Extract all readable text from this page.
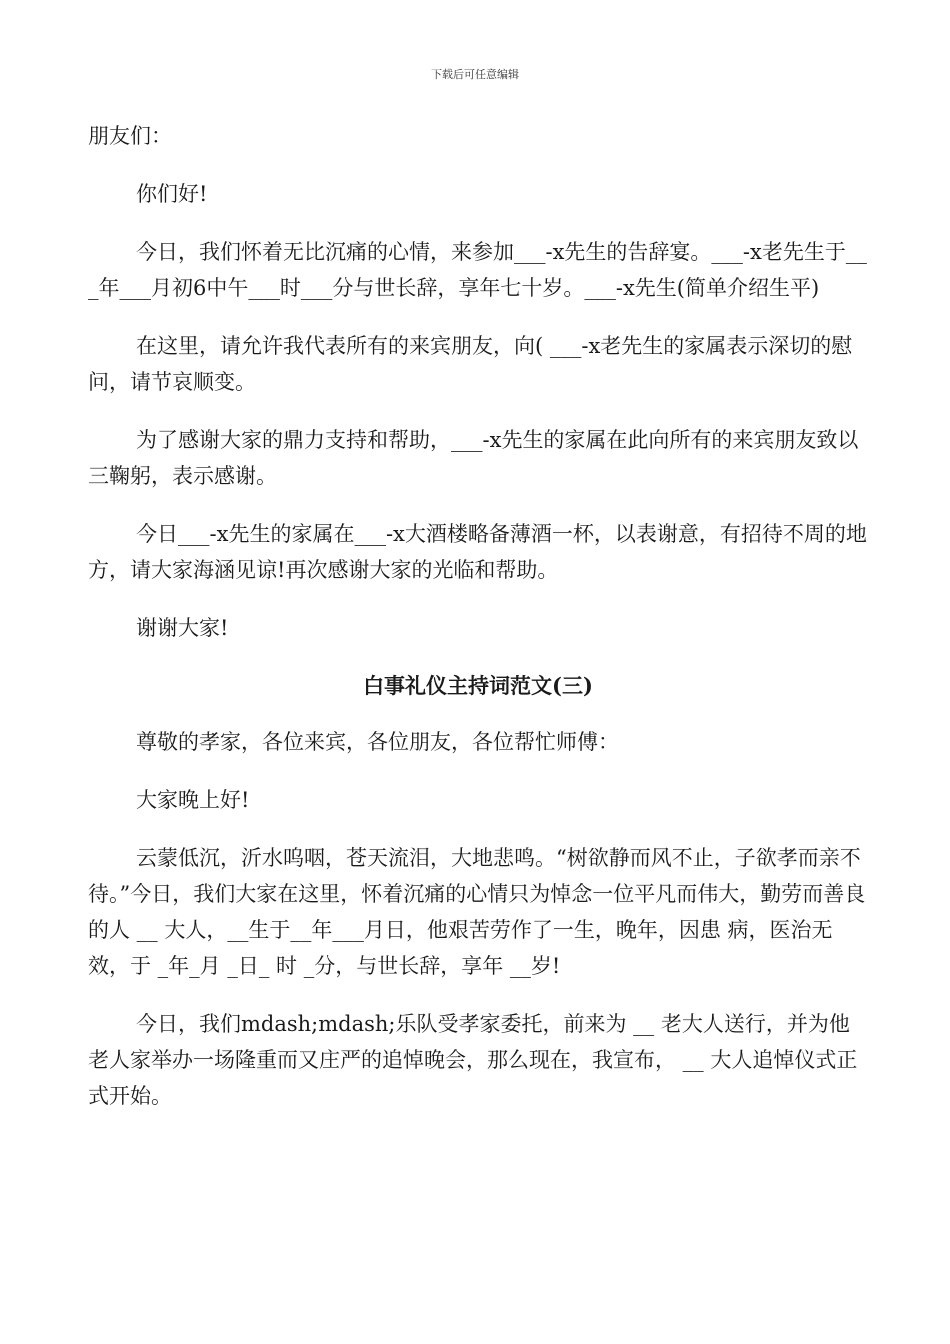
下载后可任意编辑

朋友们：

你们好!

今日，我们怀着无比沉痛的心情，来参加___-x先生的告辞宴。___-x老先生于___年___月初6中午___时___分与世长辞，享年七十岁。___-x先生(简单介绍生平)

在这里，请允许我代表所有的来宾朋友，向( ___-x老先生的家属表示深切的慰问，请节哀顺变。

为了感谢大家的鼎力支持和帮助，___-x先生的家属在此向所有的来宾朋友致以三鞠躬，表示感谢。

今日___-x先生的家属在___-x大酒楼略备薄酒一杯，以表谢意，有招待不周的地方，请大家海涵见谅!再次感谢大家的光临和帮助。

谢谢大家!

白事礼仪主持词范文(三)

尊敬的孝家，各位来宾，各位朋友，各位帮忙师傅：

大家晚上好!

云蒙低沉，沂水呜咽，苍天流泪，大地悲鸣。“树欲静而风不止，子欲孝而亲不待。”今日，我们大家在这里，怀着沉痛的心情只为悼念一位平凡而伟大，勤劳而善良的人 __ 大人，__生于__年___月日，他艰苦劳作了一生，晚年，因患 病，医治无效，于 _年_月 _日_ 时 _分，与世长辞，享年 __岁!

今日，我们mdash;mdash;乐队受孝家委托，前来为 __ 老大人送行，并为他老人家举办一场隆重而又庄严的追悼晚会，那么现在，我宣布， __ 大人追悼仪式正式开始。
